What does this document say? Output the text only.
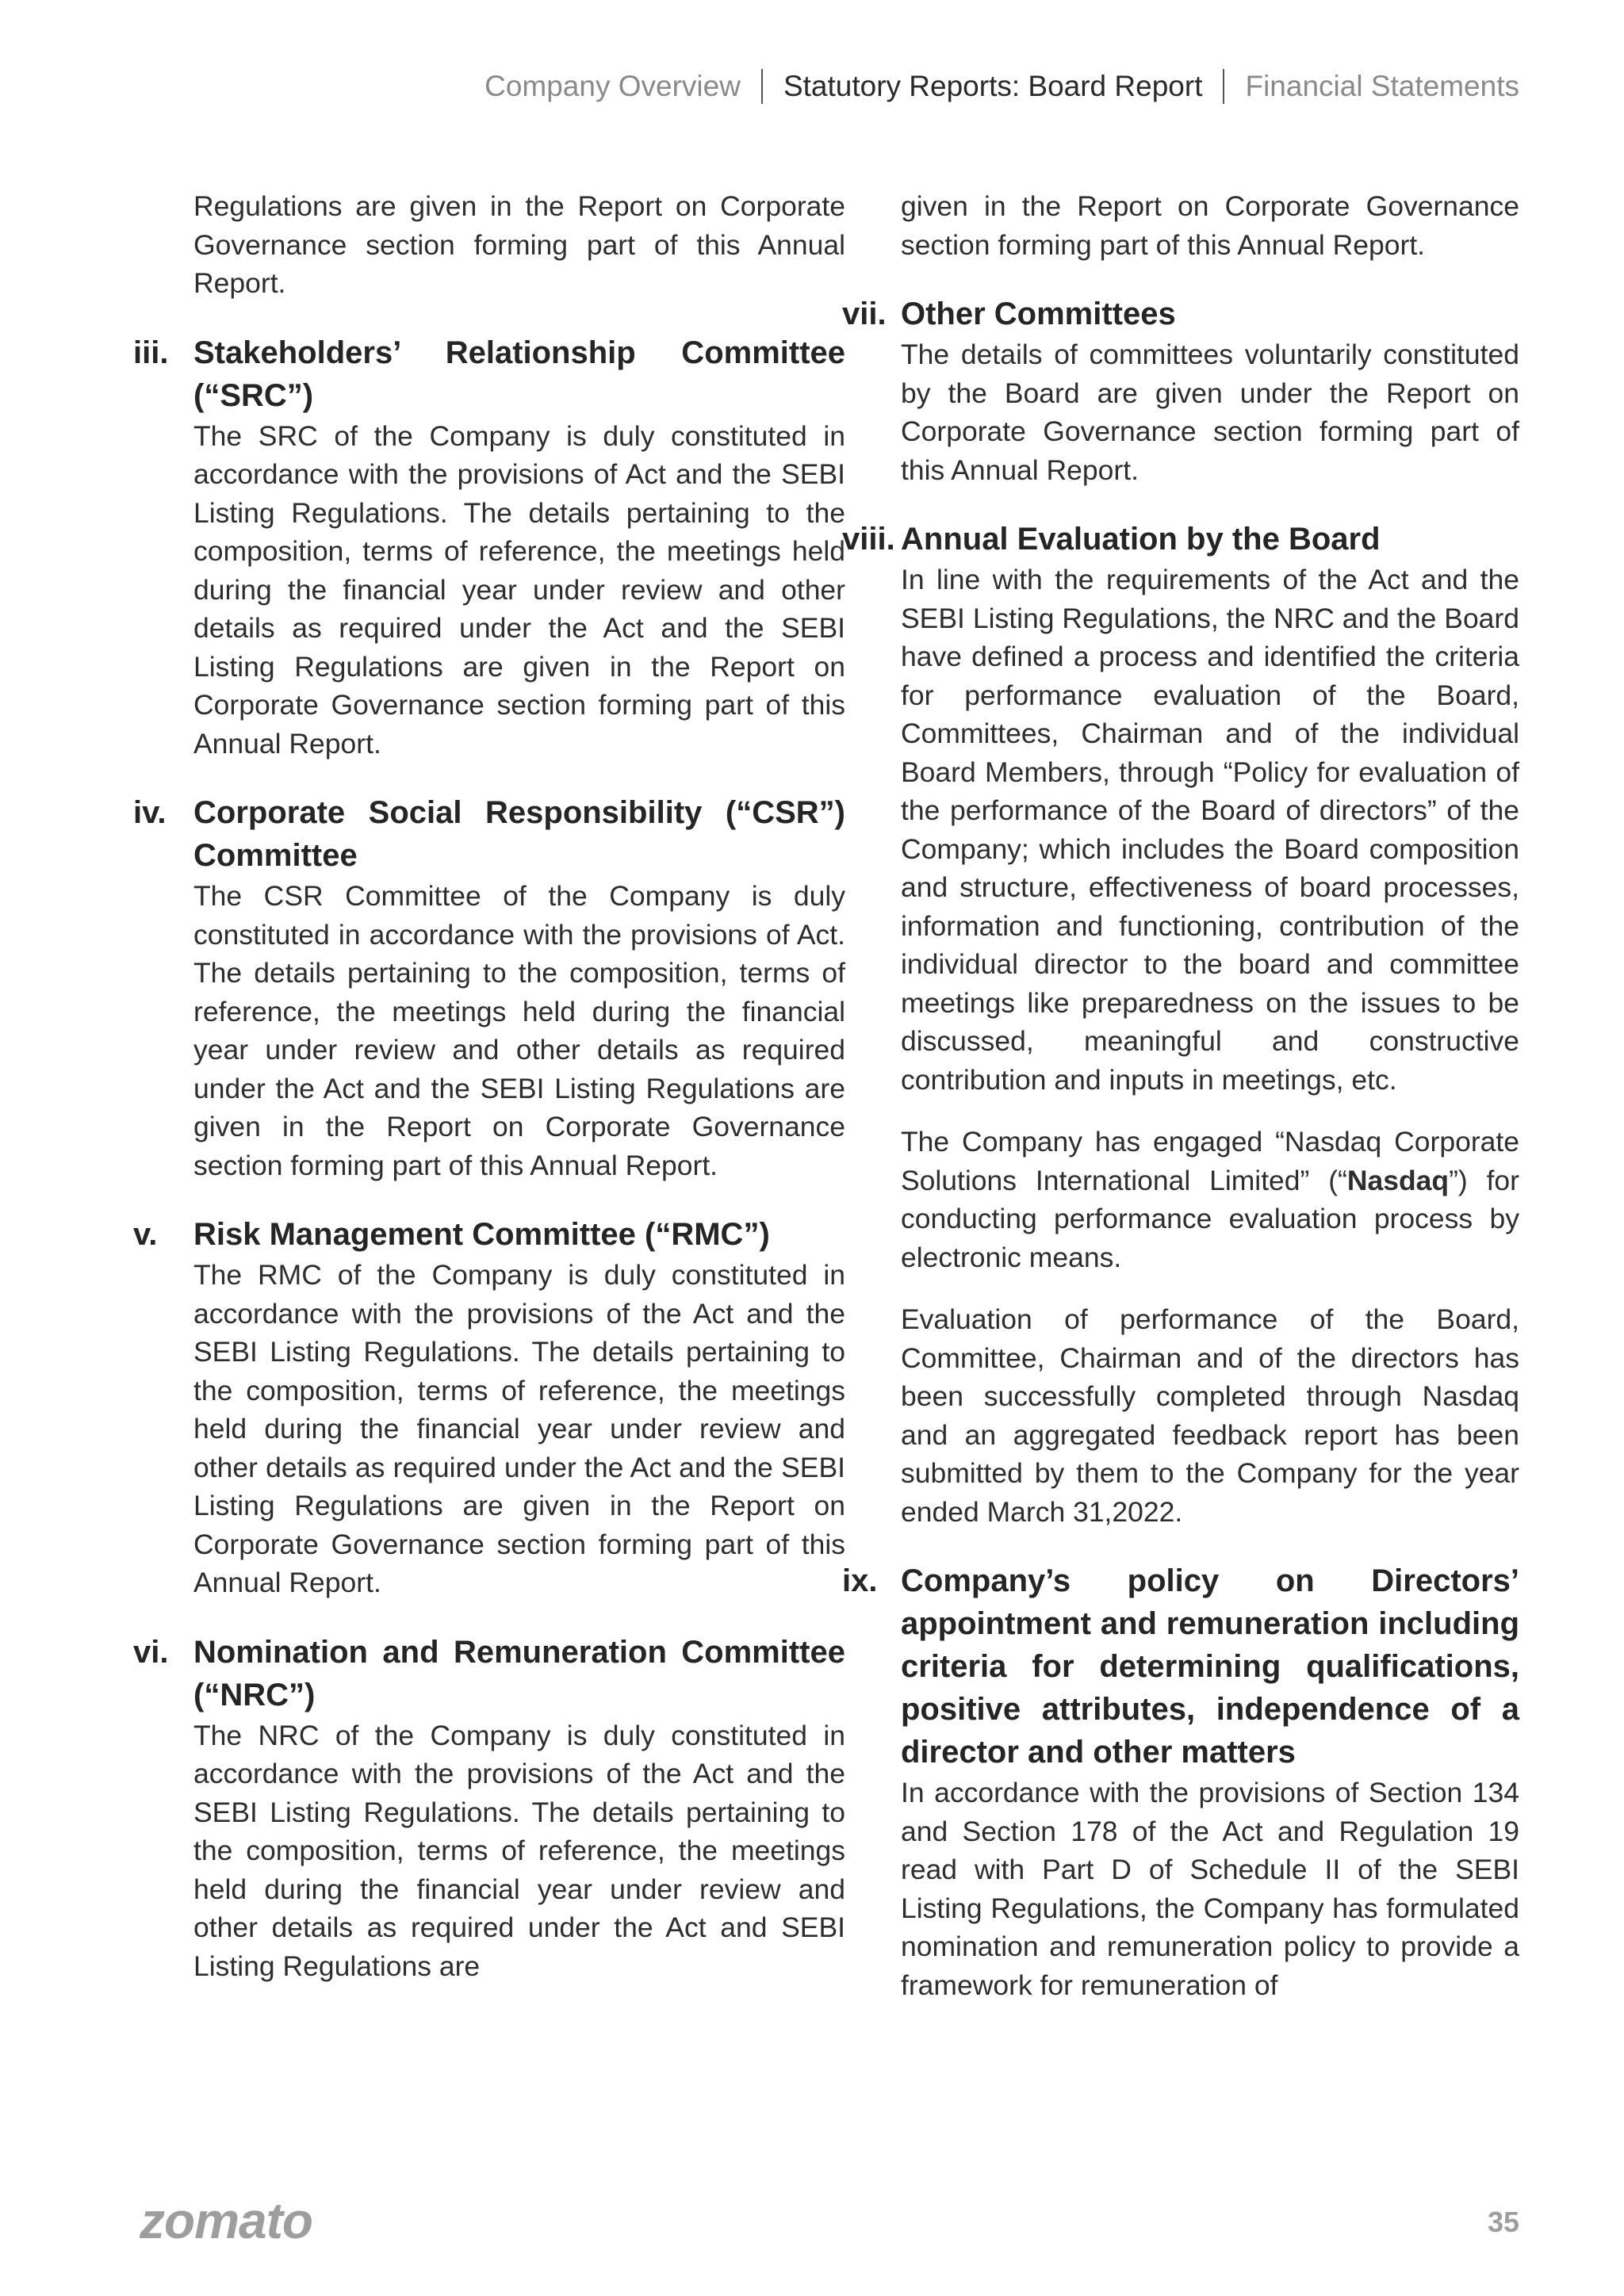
Company Overview Statutory Reports: Board Report Financial Statements

Regulations are given in the Report on Corporate Governance section forming part of this Annual Report.

iii. Stakeholders’ Relationship Committee (“SRC”)

The SRC of the Company is duly constituted in accordance with the provisions of Act and the SEBI Listing Regulations. The details pertaining to the composition, terms of reference, the meetings held during the financial year under review and other details as required under the Act and the SEBI Listing Regulations are given in the Report on Corporate Governance section forming part of this Annual Report.

iv. Corporate Social Responsibility (“CSR”) Committee

The CSR Committee of the Company is duly constituted in accordance with the provisions of Act. The details pertaining to the composition, terms of reference, the meetings held during the financial year under review and other details as required under the Act and the SEBI Listing Regulations are given in the Report on Corporate Governance section forming part of this Annual Report.

v.	Risk Management Committee (“RMC”)

The RMC of the Company is duly constituted in accordance with the provisions of the Act and the SEBI Listing Regulations. The details pertaining to the composition, terms of reference, the meetings held during the financial year under review and other details as required under the Act and the SEBI Listing Regulations are given in the Report on Corporate Governance section forming part of this Annual Report.

vi. Nomination and Remuneration Committee (“NRC”)

The NRC of the Company is duly constituted in accordance with the provisions of the Act and the SEBI Listing Regulations. The details pertaining to the composition, terms of reference, the meetings held during the financial year under review and other details as required under the Act and SEBI Listing Regulations are

given in the Report on Corporate Governance section forming part of this Annual Report.

vii. Other Committees

The details of committees voluntarily constituted by the Board are given under the Report on Corporate Governance section forming part of this Annual Report.

viii. Annual Evaluation by the Board

In line with the requirements of the Act and the SEBI Listing Regulations, the NRC and the Board have defined a process and identified the criteria for performance evaluation of the Board, Committees, Chairman and of the individual Board Members, through “Policy for evaluation of the performance of the Board of directors” of the Company; which includes the Board composition and structure, effectiveness of board processes, information and functioning, contribution of the individual director to the board and committee meetings like preparedness on the issues to be discussed, meaningful and constructive contribution and inputs in meetings, etc.

The Company has engaged “Nasdaq Corporate Solutions International Limited” (“Nasdaq”) for conducting performance evaluation process by electronic means.

Evaluation of performance of the Board, Committee, Chairman and of the directors has been successfully completed through Nasdaq and an aggregated feedback report has been submitted by them to the Company for the year ended March 31,2022.

ix. Company’s policy on Directors’ appointment and remuneration including criteria for determining qualifications, positive attributes, independence of a director and other matters

In accordance with the provisions of Section 134 and Section 178 of the Act and Regulation 19 read with Part D of Schedule II of the SEBI Listing Regulations, the Company has formulated nomination and remuneration policy to provide a framework for remuneration of

zomato	35
